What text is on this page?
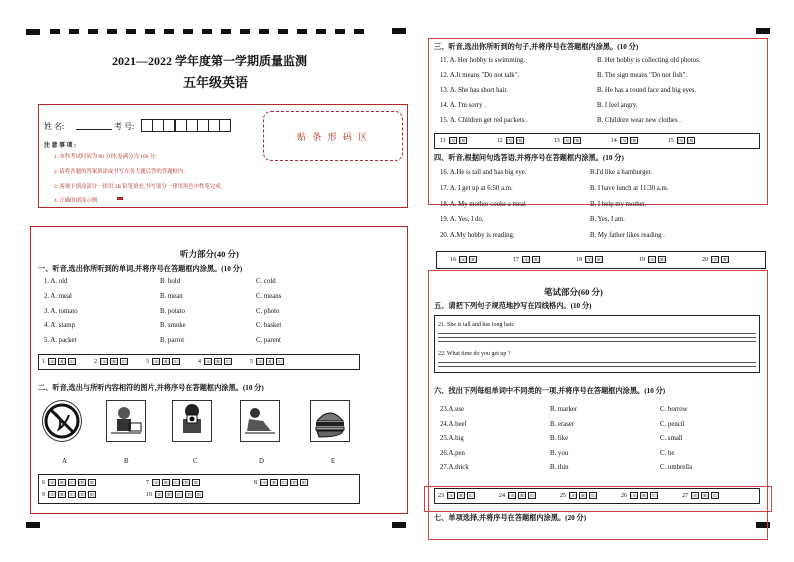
2021—2022 学年度第一学期质量监测
五年级英语
姓 名:	考 号:
贴 条 形 码 区
注 意 事 项 :
1. 本科考试时间为 60 分钟,卷满分为 100 分;
2. 请将各题的答案填涂或书写在各大题后答的答题框内。
3. 客观卡填涂部分一律用 2B 铅笔填充,书写部分一律用黑色中性笔完成。
4. 正确的填涂示例:
听力部分(40 分)
一、听音,选出你所听到的单词,并将序号在答题框内涂黑。(10 分)
1. A. old	B. hold	C. cold
2. A. meal	B. mean	C. means
3. A. tomato	B. potato	C. photo
4. A. stamp	B. smoke	C. basket
5. A. packet	B. parrot	C. parent
1	[A]	[B]	[C]	2	[A]	[B]	[C]	3	[A]	[B]	[C]	4	[A]	[B]	[C]	5	[A]	[B]	[C]
二、听音,选出与所听内容相符的图片,并将序号在答题框内涂黑。(10 分)
A	B	C	D	E
6	[A]	[B]	[C]	[D]	[E]	7	[A]	[B]	[C]	[D]	[E]	8	[A]	[B]	[C]	[D]	[E]
9	[A]	[B]	[C]	[D]	[E]	10	[A]	[B]	[C]	[D]	[E]
三、听音,选出你所听到的句子,并将序号在答题框内涂黑。(10 分)
11. A. Her hobby is swimming.	B. Her hobby is collecting old photos.
12. A.It means "Do not talk".	B. The sign means "Do not fish".
13. A. She has short hair.	B. He has a round face and big eyes.
14. A. I'm sorry .	B. I feel angry.
15. A. Children get red packets .	B. Children wear new clothes .
11	[A]	[B]	12	[A]	[B]	13	[A]	[B]	14	[A]	[B]	15	[A]	[B]
四、听音,根据问句选答语,并将序号在答题框内涂黑。(10 分)
16. A.He is tall and has big eye.	B.I'd like a hamburger.
17. A. I get up at 6:50 a.m.	B. I have lunch at 11:30 a.m.
18. A. My mother cooks a meal	B. I help my mother.
19. A. Yes, I do.	B. Yes, I am.
20. A.My hobby is reading.	B. My father likes reading .
16	[A]	[B]	17	[A]	[B]	18	[A]	[B]	19	[A]	[B]	20	[A]	[B]
笔试部分(60 分)
五、请把下列句子规范地抄写在四线格内。(10 分)
21. She is tall and has long hair.
22. What time do you get up ?
六、找出下列每组单词中不同类的一项,并将序号在答题框内涂黑。(10 分)
23.A.use	B. marker	C. borrow
24.A.beef	B. eraser	C. pencil
25.A.big	B. like	C. small
26.A.pen	B. you	C. he
27.A.thick	B. thin	C. umbrella
23	[A]	[B]	[C]	24	[A]	[B]	[C]	25	[A]	[B]	[C]	26	[A]	[B]	[C]	27	[A]	[B]	[C]
七、单项选择,并将序号在答题框内涂黑。(20 分)
